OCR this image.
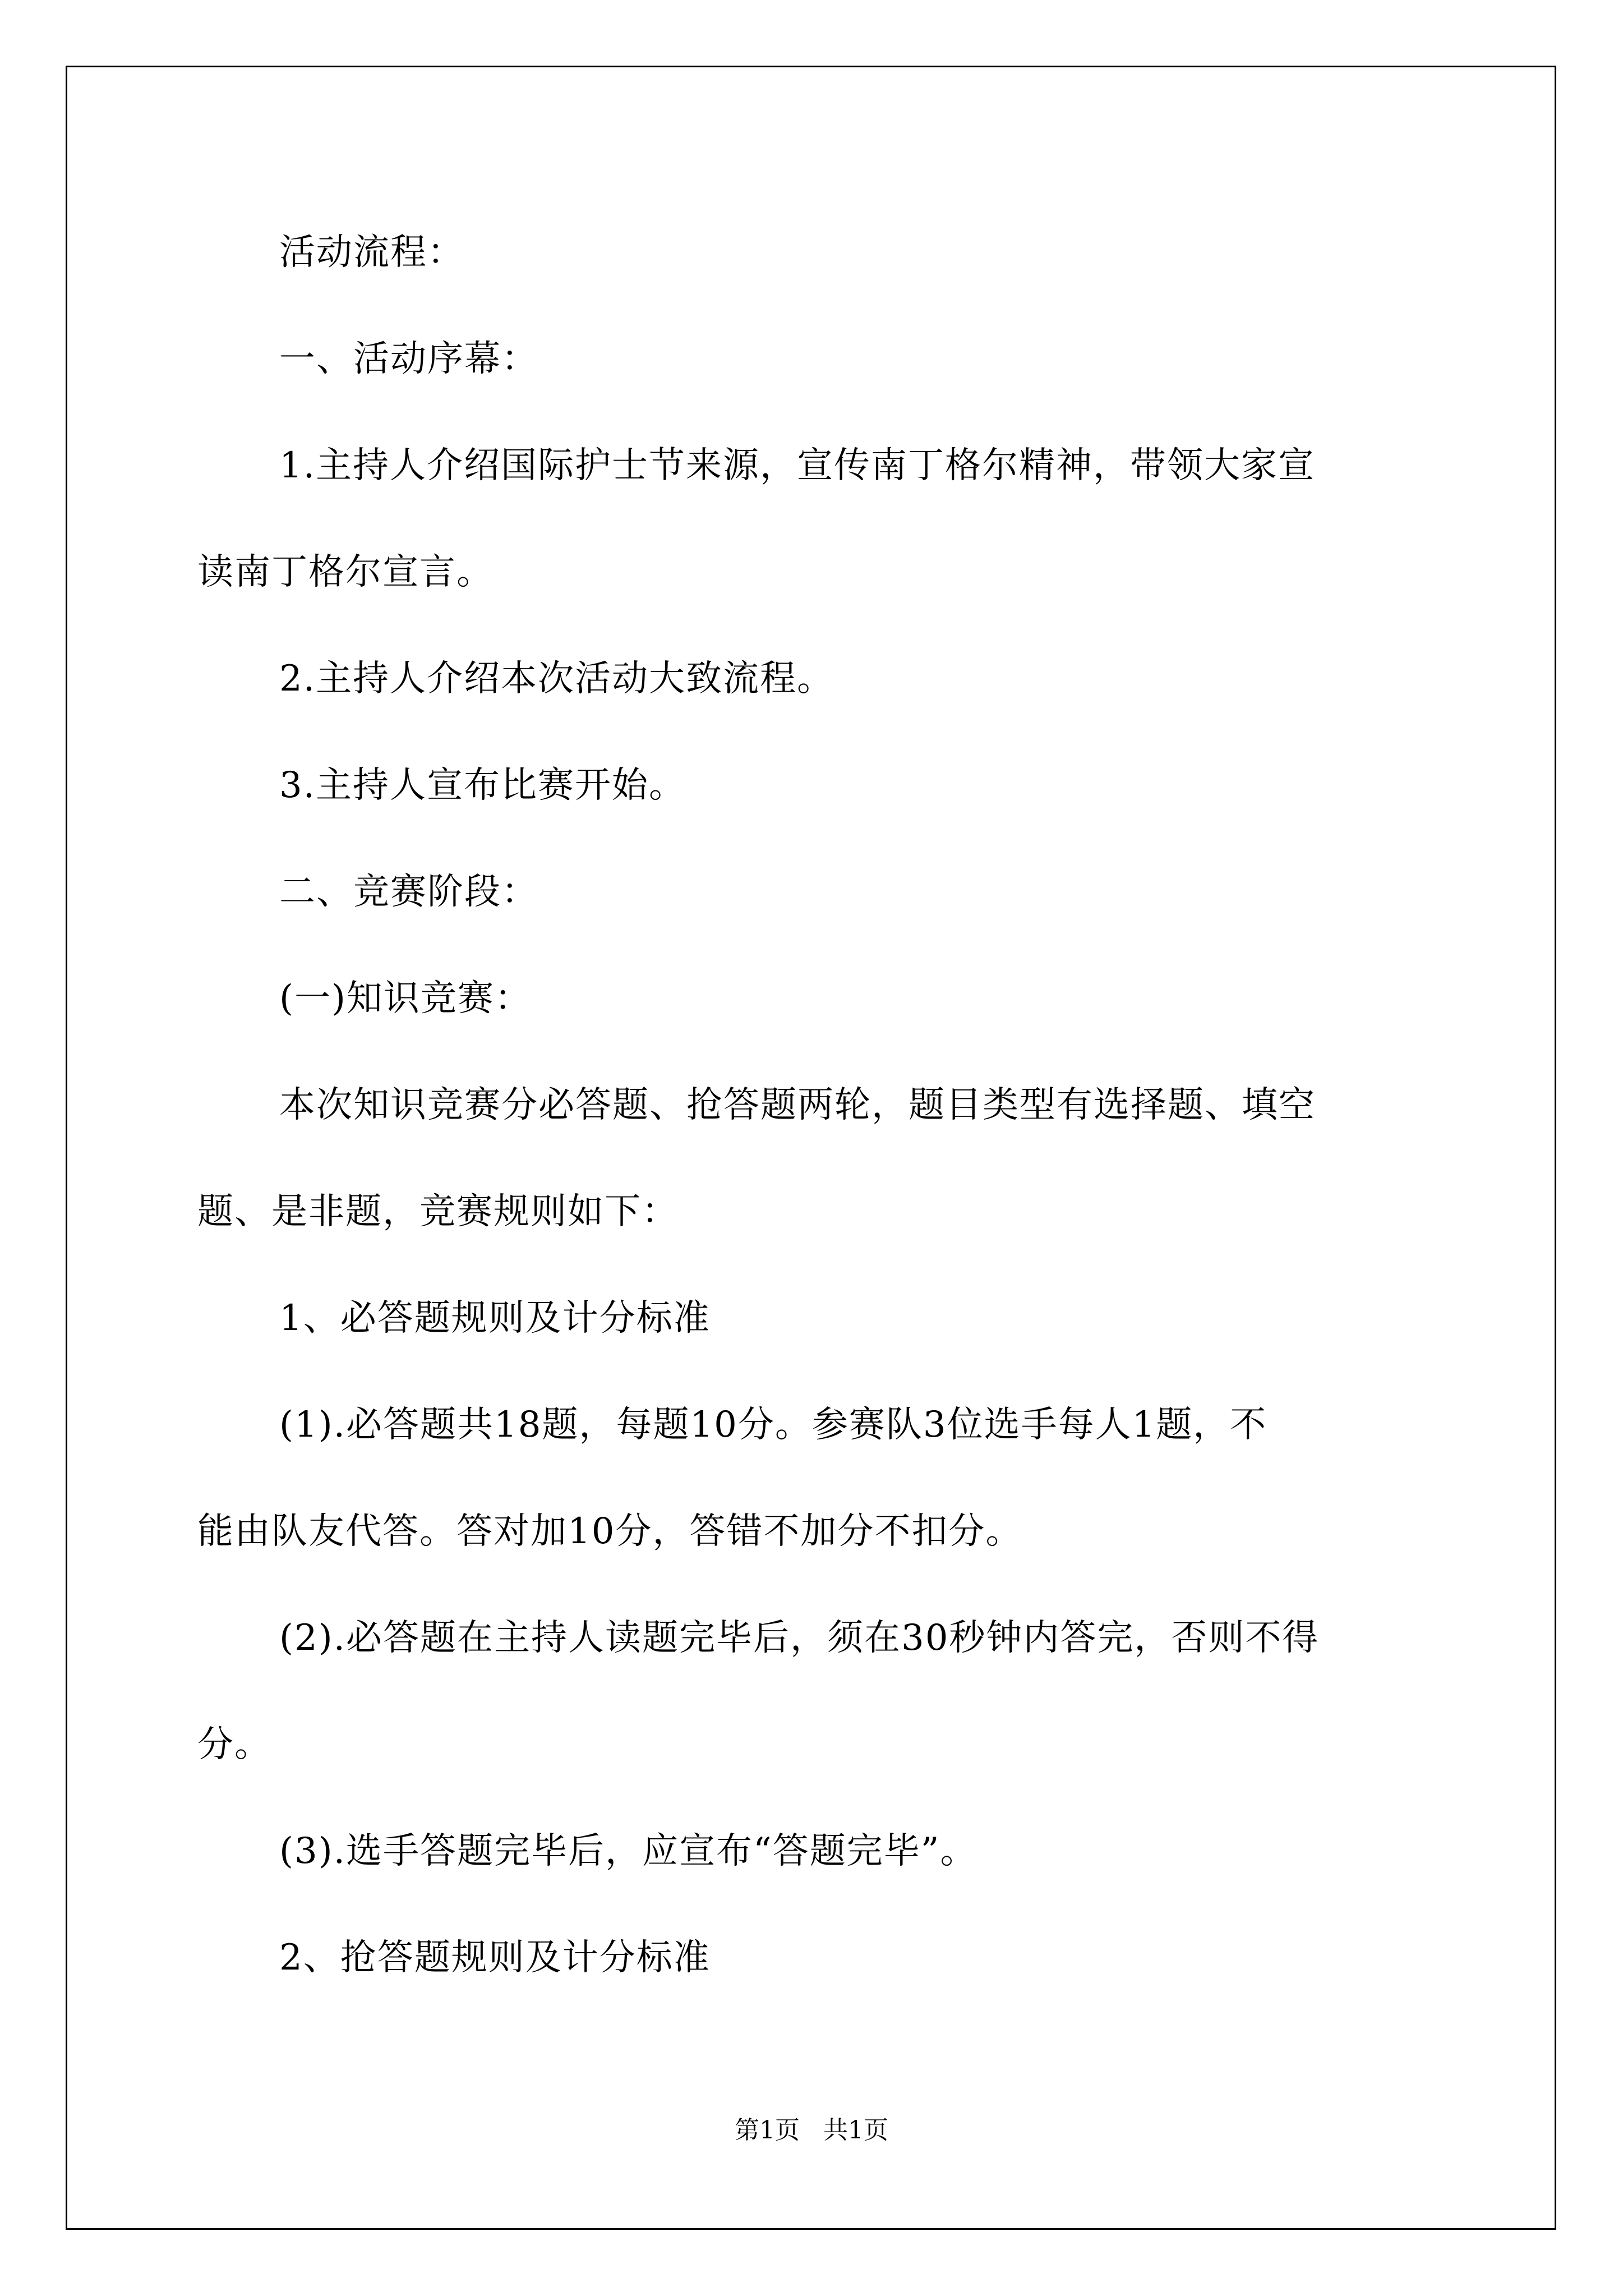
活动流程：
一、活动序幕：
1.主持人介绍国际护士节来源，宣传南丁格尔精神，带领大家宣
读南丁格尔宣言。
2.主持人介绍本次活动大致流程。
3.主持人宣布比赛开始。
二、竞赛阶段：
(一)知识竞赛：
本次知识竞赛分必答题、抢答题两轮，题目类型有选择题、填空
题、是非题，竞赛规则如下：
1、必答题规则及计分标准
(1).必答题共18题，每题10分。参赛队3位选手每人1题，不
能由队友代答。答对加10分，答错不加分不扣分。
(2).必答题在主持人读题完毕后，须在30秒钟内答完，否则不得
分。
(3).选手答题完毕后，应宣布“答题完毕”。
2、抢答题规则及计分标准
第1页   共1页
